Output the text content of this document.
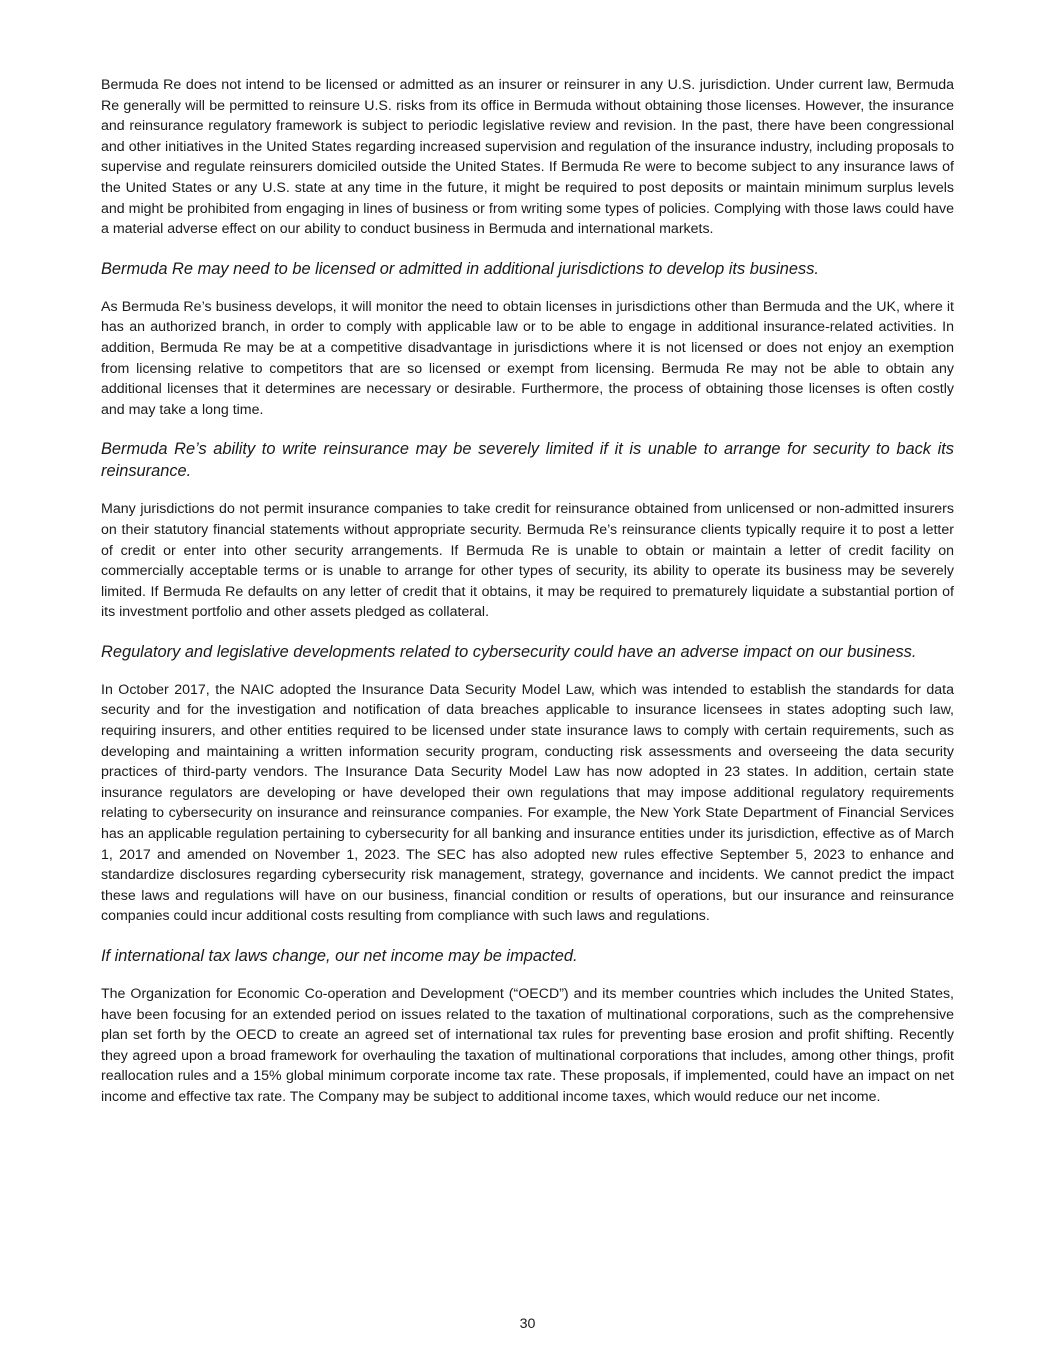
Bermuda Re does not intend to be licensed or admitted as an insurer or reinsurer in any U.S. jurisdiction. Under current law, Bermuda Re generally will be permitted to reinsure U.S. risks from its office in Bermuda without obtaining those licenses. However, the insurance and reinsurance regulatory framework is subject to periodic legislative review and revision. In the past, there have been congressional and other initiatives in the United States regarding increased supervision and regulation of the insurance industry, including proposals to supervise and regulate reinsurers domiciled outside the United States. If Bermuda Re were to become subject to any insurance laws of the United States or any U.S. state at any time in the future, it might be required to post deposits or maintain minimum surplus levels and might be prohibited from engaging in lines of business or from writing some types of policies. Complying with those laws could have a material adverse effect on our ability to conduct business in Bermuda and international markets.

Bermuda Re may need to be licensed or admitted in additional jurisdictions to develop its business.

As Bermuda Re’s business develops, it will monitor the need to obtain licenses in jurisdictions other than Bermuda and the UK, where it has an authorized branch, in order to comply with applicable law or to be able to engage in additional insurance-related activities. In addition, Bermuda Re may be at a competitive disadvantage in jurisdictions where it is not licensed or does not enjoy an exemption from licensing relative to competitors that are so licensed or exempt from licensing. Bermuda Re may not be able to obtain any additional licenses that it determines are necessary or desirable. Furthermore, the process of obtaining those licenses is often costly and may take a long time.

Bermuda Re’s ability to write reinsurance may be severely limited if it is unable to arrange for security to back its reinsurance.

Many jurisdictions do not permit insurance companies to take credit for reinsurance obtained from unlicensed or non-admitted insurers on their statutory financial statements without appropriate security. Bermuda Re’s reinsurance clients typically require it to post a letter of credit or enter into other security arrangements. If Bermuda Re is unable to obtain or maintain a letter of credit facility on commercially acceptable terms or is unable to arrange for other types of security, its ability to operate its business may be severely limited. If Bermuda Re defaults on any letter of credit that it obtains, it may be required to prematurely liquidate a substantial portion of its investment portfolio and other assets pledged as collateral.

Regulatory and legislative developments related to cybersecurity could have an adverse impact on our business.

In October 2017, the NAIC adopted the Insurance Data Security Model Law, which was intended to establish the standards for data security and for the investigation and notification of data breaches applicable to insurance licensees in states adopting such law, requiring insurers, and other entities required to be licensed under state insurance laws to comply with certain requirements, such as developing and maintaining a written information security program, conducting risk assessments and overseeing the data security practices of third-party vendors. The Insurance Data Security Model Law has now adopted in 23 states. In addition, certain state insurance regulators are developing or have developed their own regulations that may impose additional regulatory requirements relating to cybersecurity on insurance and reinsurance companies. For example, the New York State Department of Financial Services has an applicable regulation pertaining to cybersecurity for all banking and insurance entities under its jurisdiction, effective as of March 1, 2017 and amended on November 1, 2023. The SEC has also adopted new rules effective September 5, 2023 to enhance and standardize disclosures regarding cybersecurity risk management, strategy, governance and incidents. We cannot predict the impact these laws and regulations will have on our business, financial condition or results of operations, but our insurance and reinsurance companies could incur additional costs resulting from compliance with such laws and regulations.

If international tax laws change, our net income may be impacted.

The Organization for Economic Co-operation and Development (“OECD”) and its member countries which includes the United States, have been focusing for an extended period on issues related to the taxation of multinational corporations, such as the comprehensive plan set forth by the OECD to create an agreed set of international tax rules for preventing base erosion and profit shifting. Recently they agreed upon a broad framework for overhauling the taxation of multinational corporations that includes, among other things, profit reallocation rules and a 15% global minimum corporate income tax rate. These proposals, if implemented, could have an impact on net income and effective tax rate. The Company may be subject to additional income taxes, which would reduce our net income.

30
